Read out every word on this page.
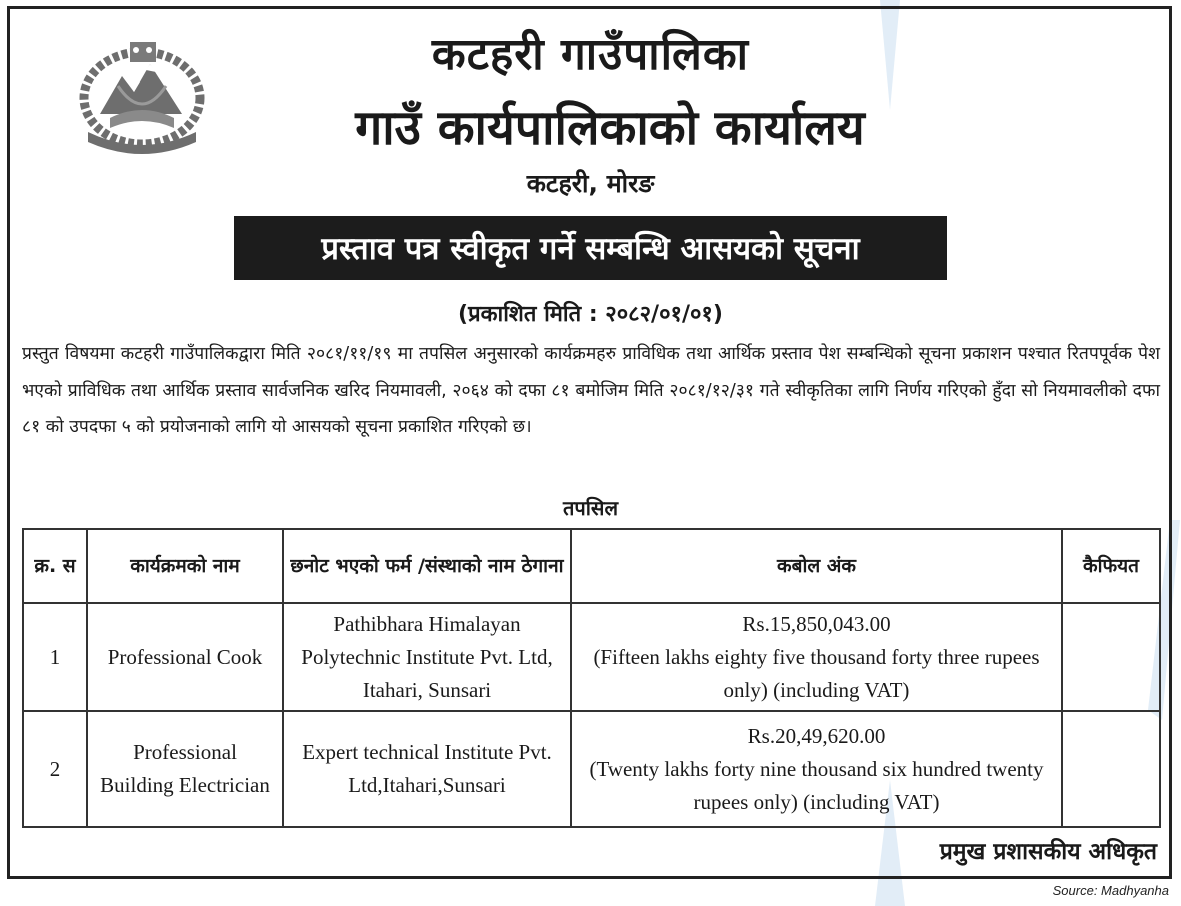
कटहरी गाउँपालिका
गाउँ कार्यपालिकाको कार्यालय
कटहरी, मोरङ
प्रस्ताव पत्र स्वीकृत गर्ने सम्बन्धि आसयको सूचना
(प्रकाशित मिति : २०८२/०१/०१)
प्रस्तुत विषयमा कटहरी गाउँपालिकद्वारा मिति २०८१/११/१९ मा तपसिल अनुसारको कार्यक्रमहरु प्राविधिक तथा आर्थिक प्रस्ताव पेश सम्बन्धिको सूचना प्रकाशन पश्चात रितपपूर्वक पेश भएको प्राविधिक तथा आर्थिक प्रस्ताव सार्वजनिक खरिद नियमावली, २०६४ को दफा ८१ बमोजिम मिति २०८१/१२/३१ गते स्वीकृतिका लागि निर्णय गरिएको हुँदा सो नियमावलीको दफा ८१ को उपदफा ५ को प्रयोजनाको लागि यो आसयको सूचना प्रकाशित गरिएको छ।
तपसिल
क्र. स	कार्यक्रमको नाम	छनोट भएको फर्म /संस्थाको नाम ठेगाना	कबोल अंक	कैफियत
1	Professional Cook	Pathibhara Himalayan Polytechnic Institute Pvt. Ltd, Itahari, Sunsari	Rs.15,850,043.00
(Fifteen lakhs eighty five thousand forty three rupees only) (including VAT)	

2	Professional Building Electrician	Expert technical Institute Pvt. Ltd,Itahari,Sunsari	Rs.20,49,620.00
(Twenty lakhs forty nine thousand six hundred twenty rupees only) (including VAT)	

प्रमुख प्रशासकीय अधिकृत
Source: Madhyanha
